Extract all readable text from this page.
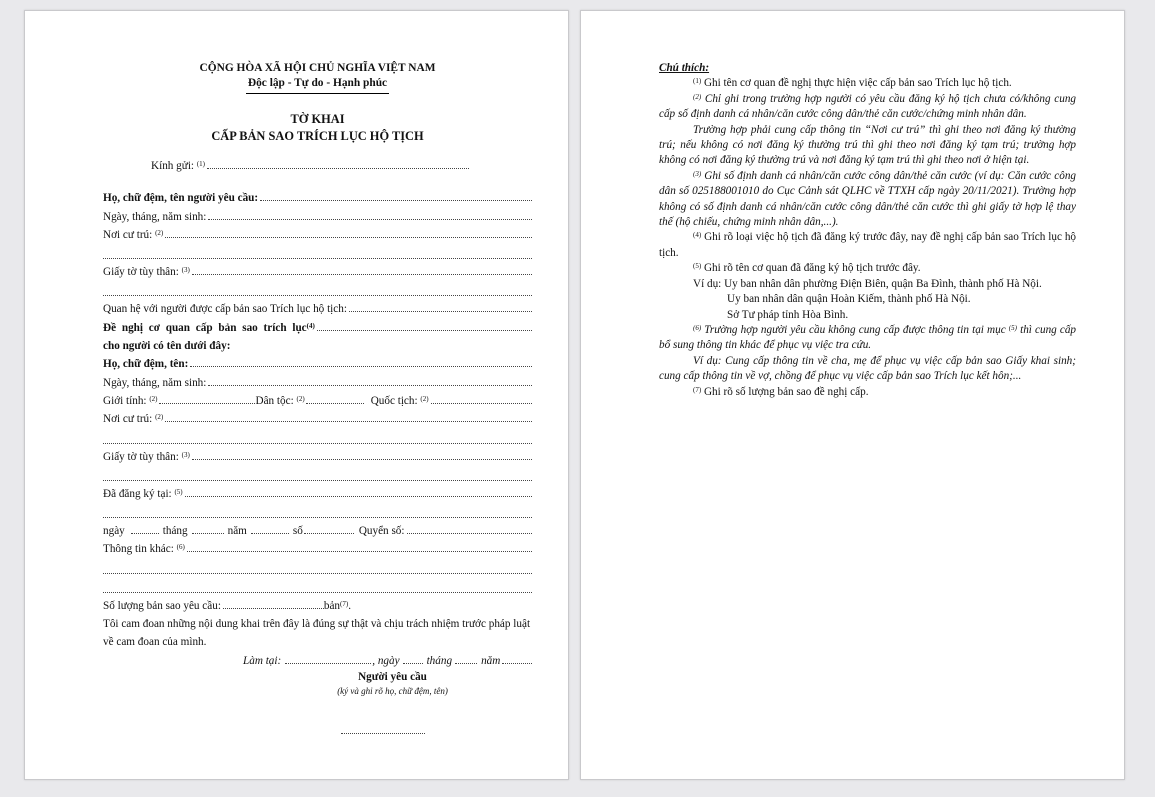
CỘNG HÒA XÃ HỘI CHỦ NGHĨA VIỆT NAM
Độc lập - Tự do - Hạnh phúc
TỜ KHAI
CẤP BẢN SAO TRÍCH LỤC HỘ TỊCH
Kính gửi: $^{(1)}$
Họ, chữ đệm, tên người yêu cầu:
Ngày, tháng, năm sinh:
Nơi cư trú: $^{(2)}$
Giấy tờ tùy thân: $^{(3)}$
Quan hệ với người được cấp bản sao Trích lục hộ tịch:
Đề nghị cơ quan cấp bản sao trích lục$^{(4)}$
cho người có tên dưới đây:
Họ, chữ đệm, tên:
Ngày, tháng, năm sinh:
Giới tính: $^{(2)}$	Dân tộc: $^{(2)}$	Quốc tịch: $^{(2)}$
Nơi cư trú: $^{(2)}$
Giấy tờ tùy thân: $^{(3)}$
Đã đăng ký tại: $^{(5)}$
ngày	tháng	năm	số	Quyển số:
Thông tin khác: $^{(6)}$
Số lượng bản sao yêu cầu:	bản$^{(7)}$.
Tôi cam đoan những nội dung khai trên đây là đúng sự thật và chịu trách nhiệm trước pháp luật về cam đoan của mình.
Làm tại:	, ngày tháng	năm
Người yêu cầu
(ký và ghi rõ họ, chữ đệm, tên)
Chú thích:
$^{(1)}$ Ghi tên cơ quan đề nghị thực hiện việc cấp bản sao Trích lục hộ tịch.
$^{(2)}$ Chỉ ghi trong trường hợp người có yêu cầu đăng ký hộ tịch chưa có/không cung cấp số định danh cá nhân/căn cước công dân/thẻ căn cước/chứng minh nhân dân.
Trường hợp phải cung cấp thông tin “Nơi cư trú” thì ghi theo nơi đăng ký thường trú; nếu không có nơi đăng ký thường trú thì ghi theo nơi đăng ký tạm trú; trường hợp không có nơi đăng ký thường trú và nơi đăng ký tạm trú thì ghi theo nơi ở hiện tại.
$^{(3)}$ Ghi số định danh cá nhân/căn cước công dân/thẻ căn cước (ví dụ: Căn cước công dân số 025188001010 do Cục Cảnh sát QLHC về TTXH cấp ngày 20/11/2021). Trường hợp không có số định danh cá nhân/căn cước công dân/thẻ căn cước thì ghi giấy tờ hợp lệ thay thế (hộ chiếu, chứng minh nhân dân,...).
$^{(4)}$ Ghi rõ loại việc hộ tịch đã đăng ký trước đây, nay đề nghị cấp bản sao Trích lục hộ tịch.
$^{(5)}$ Ghi rõ tên cơ quan đã đăng ký hộ tịch trước đây.
Ví dụ: Uy ban nhân dân phường Điện Biên, quận Ba Đình, thành phố Hà Nội.
Uy ban nhân dân quận Hoàn Kiếm, thành phố Hà Nội.
Sở Tư pháp tỉnh Hòa Bình.
$^{(6)}$ Trường hợp người yêu cầu không cung cấp được thông tin tại mục $^{(5)}$ thì cung cấp bổ sung thông tin khác để phục vụ việc tra cứu.
Ví dụ: Cung cấp thông tin về cha, mẹ để phục vụ việc cấp bản sao Giấy khai sinh; cung cấp thông tin về vợ, chồng để phục vụ việc cấp bản sao Trích lục kết hôn;...
$^{(7)}$ Ghi rõ số lượng bản sao đề nghị cấp.
